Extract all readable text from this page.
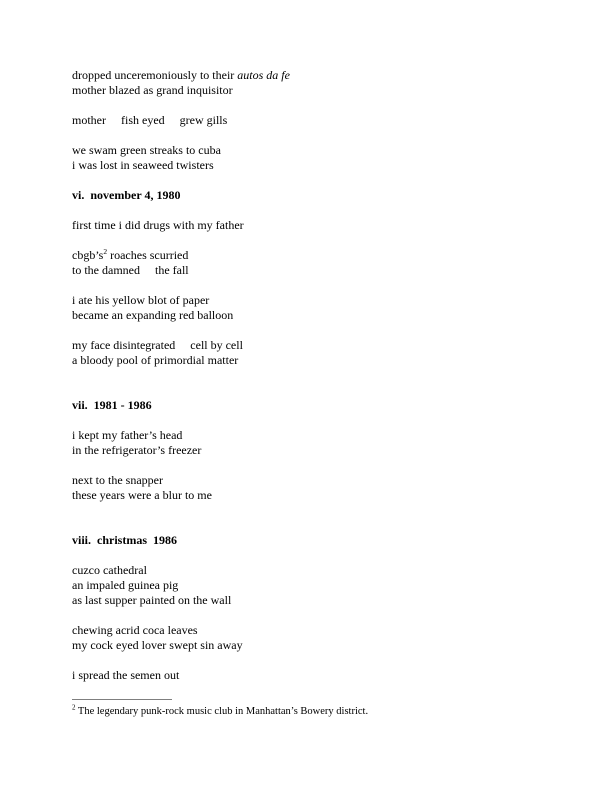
dropped unceremoniously to their autos da fe
mother blazed as grand inquisitor
mother     fish eyed     grew gills
we swam green streaks to cuba
i was lost in seaweed twisters
vi.  november 4, 1980
first time i did drugs with my father
$cbgb’s^2$ roaches scurried
to the damned     the fall
i ate his yellow blot of paper
became an expanding red balloon
my face disintegrated     cell by cell
a bloody pool of primordial matter
vii.  1981 - 1986
i kept my father’s head
in the refrigerator’s freezer
next to the snapper
these years were a blur to me
viii.  christmas  1986
cuzco cathedral
an impaled guinea pig
as last supper painted on the wall
chewing acrid coca leaves
my cock eyed lover swept sin away
i spread the semen out
$^2$ The legendary punk-rock music club in Manhattan’s Bowery district.
